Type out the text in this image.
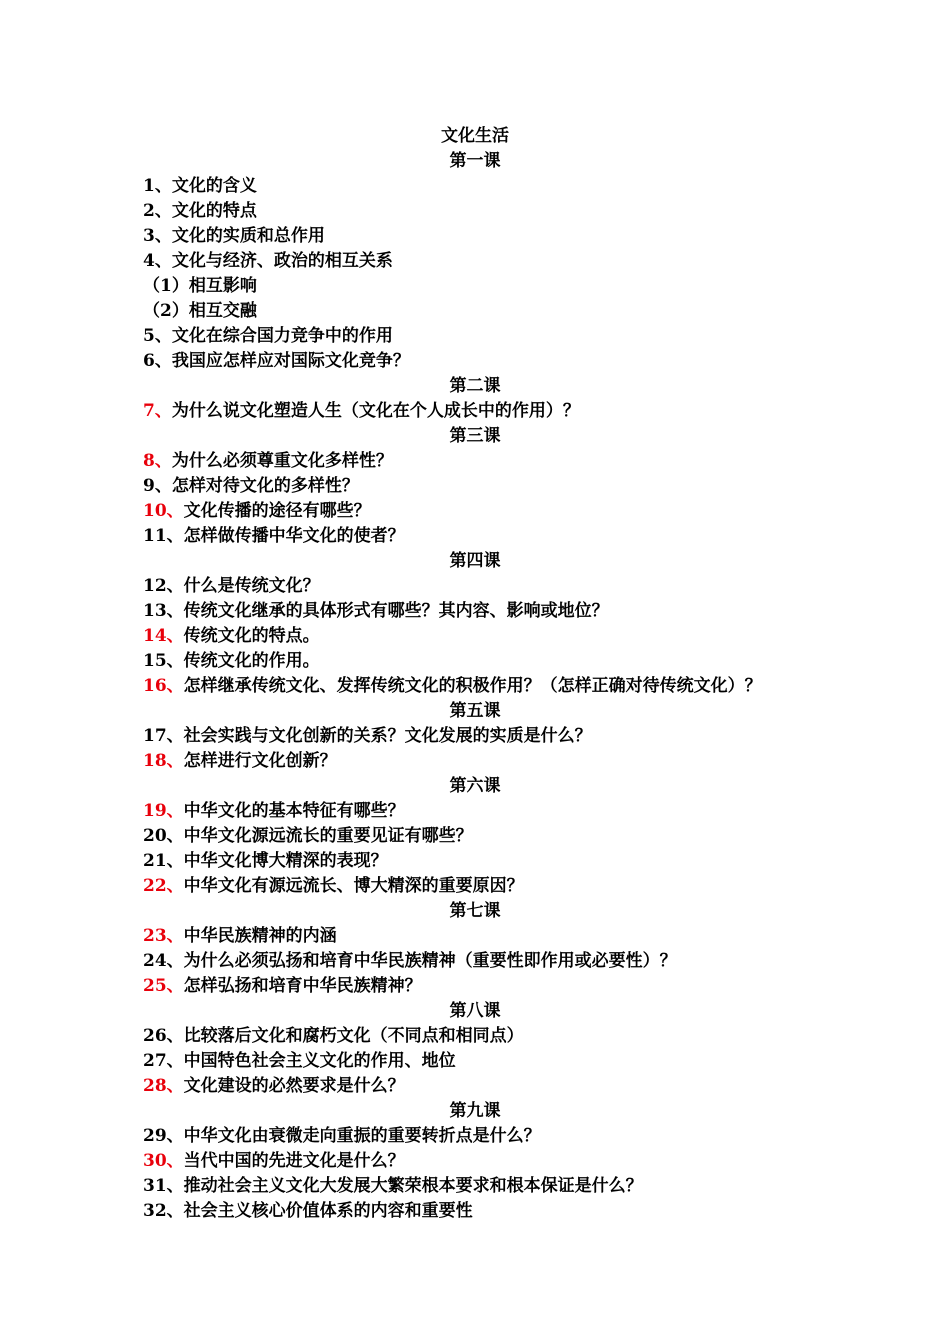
文化生活
第一课
1、文化的含义
2、文化的特点
3、文化的实质和总作用
4、文化与经济、政治的相互关系
（1）相互影响
（2）相互交融
5、文化在综合国力竞争中的作用
6、我国应怎样应对国际文化竞争？
第二课
7、为什么说文化塑造人生（文化在个人成长中的作用）？
第三课
8、为什么必须尊重文化多样性？
9、怎样对待文化的多样性？
10、文化传播的途径有哪些？
11、怎样做传播中华文化的使者？
第四课
12、什么是传统文化？
13、传统文化继承的具体形式有哪些？其内容、影响或地位？
14、传统文化的特点。
15、传统文化的作用。
16、怎样继承传统文化、发挥传统文化的积极作用？（怎样正确对待传统文化）？
第五课
17、社会实践与文化创新的关系？文化发展的实质是什么？
18、怎样进行文化创新？
第六课
19、中华文化的基本特征有哪些？
20、中华文化源远流长的重要见证有哪些？
21、中华文化博大精深的表现？
22、中华文化有源远流长、博大精深的重要原因？
第七课
23、中华民族精神的内涵
24、为什么必须弘扬和培育中华民族精神（重要性即作用或必要性）？
25、怎样弘扬和培育中华民族精神？
第八课
26、比较落后文化和腐朽文化（不同点和相同点）
27、中国特色社会主义文化的作用、地位
28、文化建设的必然要求是什么？
第九课
29、中华文化由衰微走向重振的重要转折点是什么？
30、当代中国的先进文化是什么？
31、推动社会主义文化大发展大繁荣根本要求和根本保证是什么？
32、社会主义核心价值体系的内容和重要性
